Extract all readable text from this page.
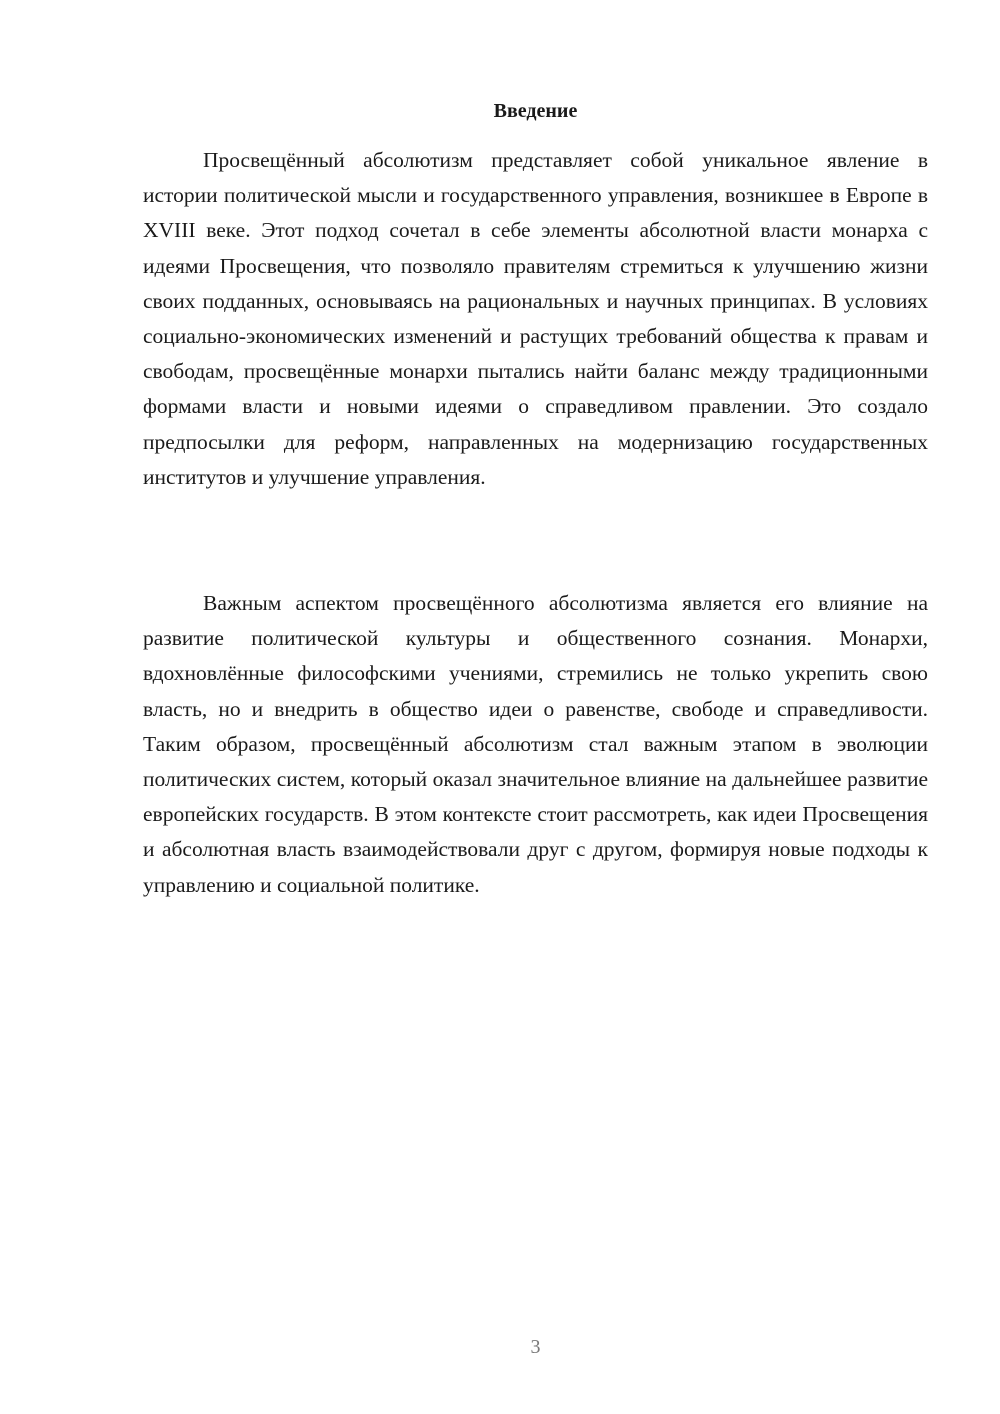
Введение

Просвещённый абсолютизм представляет собой уникальное явление в истории политической мысли и государственного управления, возникшее в Европе в XVIII веке. Этот подход сочетал в себе элементы абсолютной власти монарха с идеями Просвещения, что позволяло правителям стремиться к улучшению жизни своих подданных, основываясь на рациональных и научных принципах. В условиях социально-экономических изменений и растущих требований общества к правам и свободам, просвещённые монархи пытались найти баланс между традиционными формами власти и новыми идеями о справедливом правлении. Это создало предпосылки для реформ, направленных на модернизацию государственных институтов и улучшение управления.

Важным аспектом просвещённого абсолютизма является его влияние на развитие политической культуры и общественного сознания. Монархи, вдохновлённые философскими учениями, стремились не только укрепить свою власть, но и внедрить в общество идеи о равенстве, свободе и справедливости. Таким образом, просвещённый абсолютизм стал важным этапом в эволюции политических систем, который оказал значительное влияние на дальнейшее развитие европейских государств. В этом контексте стоит рассмотреть, как идеи Просвещения и абсолютная власть взаимодействовали друг с другом, формируя новые подходы к управлению и социальной политике.

3
